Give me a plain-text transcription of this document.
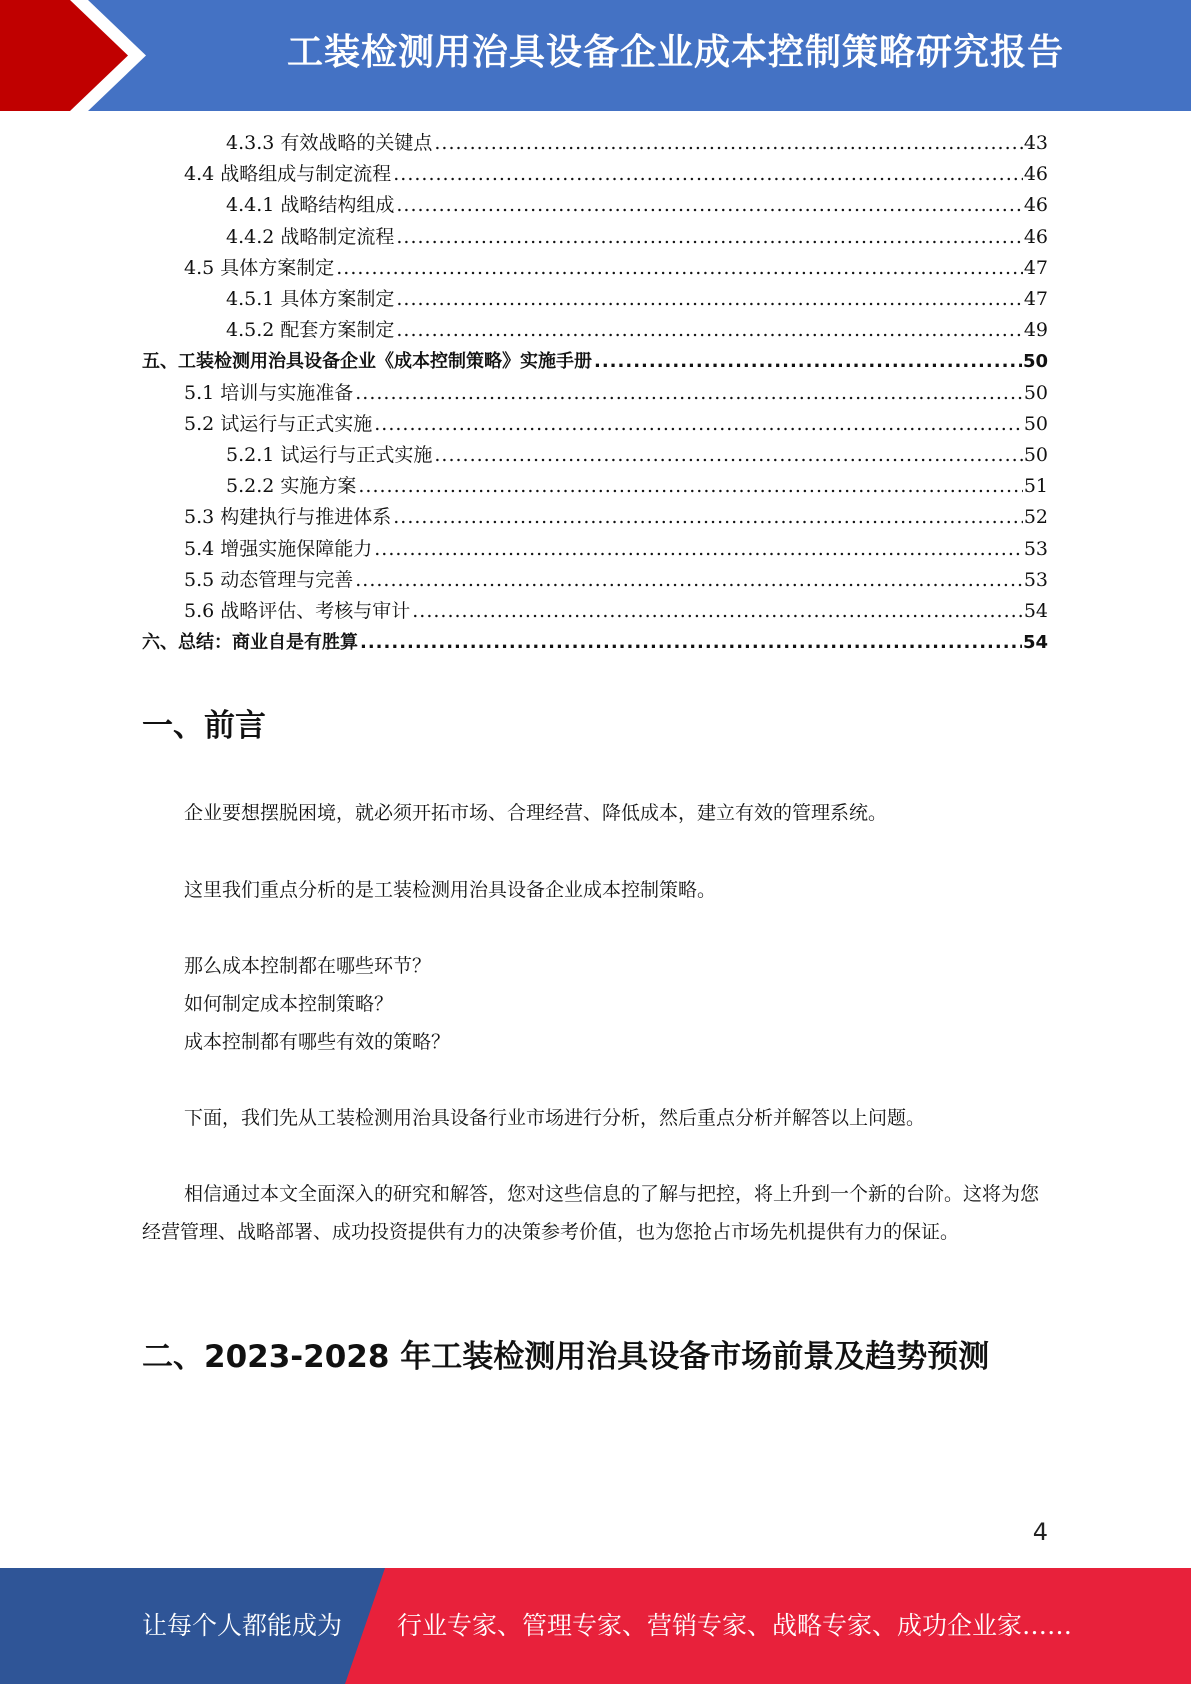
工装检测用治具设备企业成本控制策略研究报告
4.3.3 有效战略的关键点 .....	43
4.4 战略组成与制定流程 .....	46
4.4.1 战略结构组成 .....	46
4.4.2 战略制定流程 .....	46
4.5 具体方案制定 .....	47
4.5.1 具体方案制定 .....	47
4.5.2 配套方案制定 .....	49
五、工装检测用治具设备企业《成本控制策略》实施手册 .....	50
5.1 培训与实施准备 .....	50
5.2 试运行与正式实施 .....	50
5.2.1 试运行与正式实施 .....	50
5.2.2 实施方案 .....	51
5.3 构建执行与推进体系 .....	52
5.4 增强实施保障能力 .....	53
5.5 动态管理与完善 .....	53
5.6 战略评估、考核与审计 .....	54
六、总结：商业自是有胜算 .....	54
一、前言

企业要想摆脱困境，就必须开拓市场、合理经营、降低成本，建立有效的管理系统。

这里我们重点分析的是工装检测用治具设备企业成本控制策略。

那么成本控制都在哪些环节？

如何制定成本控制策略？

成本控制都有哪些有效的策略？

下面，我们先从工装检测用治具设备行业市场进行分析，然后重点分析并解答以上问题。

相信通过本文全面深入的研究和解答，您对这些信息的了解与把控，将上升到一个新的台阶。这将为您经营管理、战略部署、成功投资提供有力的决策参考价值，也为您抢占市场先机提供有力的保证。

二、2023-2028 年工装检测用治具设备市场前景及趋势预测
4
让每个人都能成为 行业专家、管理专家、营销专家、战略专家、成功企业家……
